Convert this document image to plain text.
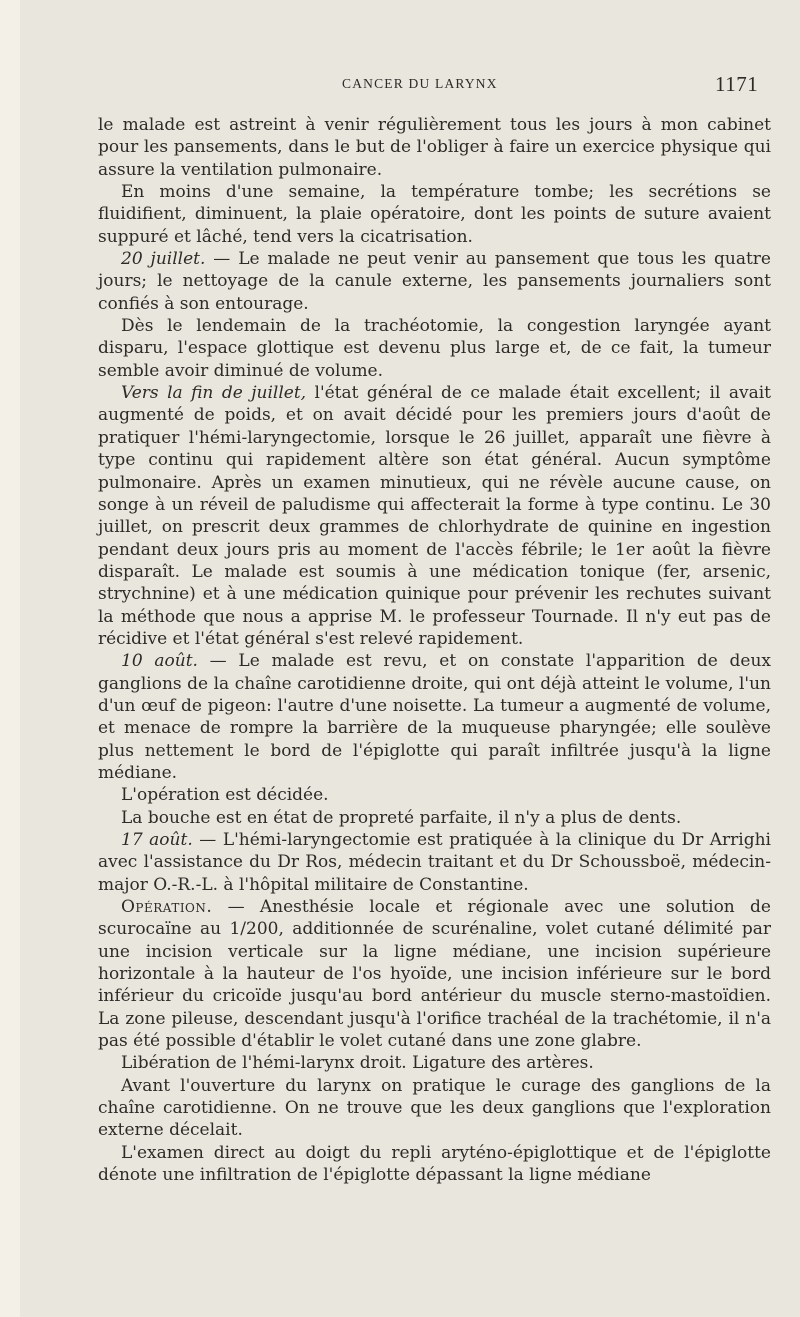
CANCER DU LARYNX	1171

le malade est astreint à venir régulièrement tous les jours à mon cabinet pour les pansements, dans le but de l'obliger à faire un exercice physique qui assure la ventilation pulmonaire.

En moins d'une semaine, la température tombe; les secrétions se fluidifient, diminuent, la plaie opératoire, dont les points de suture avaient suppuré et lâché, tend vers la cicatrisation.

20 juillet. — Le malade ne peut venir au pansement que tous les quatre jours; le nettoyage de la canule externe, les pansements journaliers sont confiés à son entourage.

Dès le lendemain de la trachéotomie, la congestion laryngée ayant disparu, l'espace glottique est devenu plus large et, de ce fait, la tumeur semble avoir diminué de volume.

Vers la fin de juillet, l'état général de ce malade était excellent; il avait augmenté de poids, et on avait décidé pour les premiers jours d'août de pratiquer l'hémi-laryngectomie, lorsque le 26 juillet, apparaît une fièvre à type continu qui rapidement altère son état général. Aucun symptôme pulmonaire. Après un examen minutieux, qui ne révèle aucune cause, on songe à un réveil de paludisme qui affecterait la forme à type continu. Le 30 juillet, on prescrit deux grammes de chlorhydrate de quinine en ingestion pendant deux jours pris au moment de l'accès fébrile; le 1er août la fièvre disparaît. Le malade est soumis à une médication tonique (fer, arsenic, strychnine) et à une médication quinique pour prévenir les rechutes suivant la méthode que nous a apprise M. le professeur Tournade. Il n'y eut pas de récidive et l'état général s'est relevé rapidement.

10 août. — Le malade est revu, et on constate l'apparition de deux ganglions de la chaîne carotidienne droite, qui ont déjà atteint le volume, l'un d'un œuf de pigeon: l'autre d'une noisette. La tumeur a augmenté de volume, et menace de rompre la barrière de la muqueuse pharyngée; elle soulève plus nettement le bord de l'épiglotte qui paraît infiltrée jusqu'à la ligne médiane.

L'opération est décidée.

La bouche est en état de propreté parfaite, il n'y a plus de dents.

17 août. — L'hémi-laryngectomie est pratiquée à la clinique du Dr Arrighi avec l'assistance du Dr Ros, médecin traitant et du Dr Schoussboë, médecin-major O.-R.-L. à l'hôpital militaire de Constantine.

Opération. — Anesthésie locale et régionale avec une solution de scurocaïne au 1/200, additionnée de scurénaline, volet cutané délimité par une incision verticale sur la ligne médiane, une incision supérieure horizontale à la hauteur de l'os hyoïde, une incision inférieure sur le bord inférieur du cricoïde jusqu'au bord antérieur du muscle sterno-mastoïdien. La zone pileuse, descendant jusqu'à l'orifice trachéal de la trachétomie, il n'a pas été possible d'établir le volet cutané dans une zone glabre.

Libération de l'hémi-larynx droit. Ligature des artères.

Avant l'ouverture du larynx on pratique le curage des ganglions de la chaîne carotidienne. On ne trouve que les deux ganglions que l'exploration externe décelait.

L'examen direct au doigt du repli aryténo-épiglottique et de l'épiglotte dénote une infiltration de l'épiglotte dépassant la ligne médiane
